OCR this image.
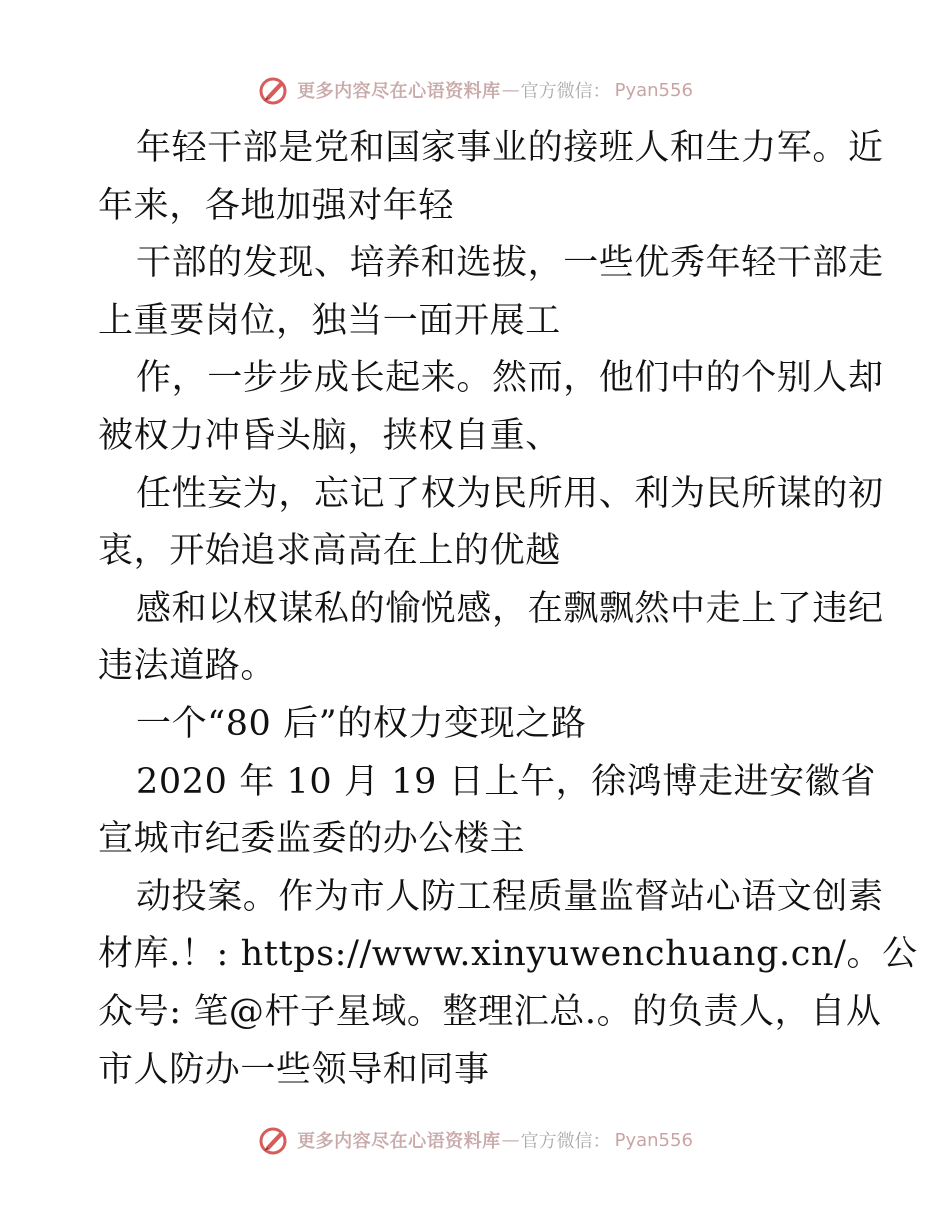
更多内容尽在心语资料库 — 官方微信： Pyan556
年轻干部是党和国家事业的接班人和生力军。近
年来，各地加强对年轻
干部的发现、培养和选拔，一些优秀年轻干部走
上重要岗位，独当一面开展工
作，一步步成长起来。然而，他们中的个别人却
被权力冲昏头脑，挟权自重、
任性妄为，忘记了权为民所用、利为民所谋的初
衷，开始追求高高在上的优越
感和以权谋私的愉悦感，在飘飘然中走上了违纪
违法道路。
一个“80 后”的权力变现之路
2020 年 10 月 19 日上午，徐鸿博走进安徽省
宣城市纪委监委的办公楼主
动投案。作为市人防工程质量监督站心语文创素
材库.！: https://www.xinyuwenchuang.cn/。公
众号: 笔@杆子星域。整理汇总.。的负责人，自从
市人防办一些领导和同事
更多内容尽在心语资料库 — 官方微信： Pyan556
